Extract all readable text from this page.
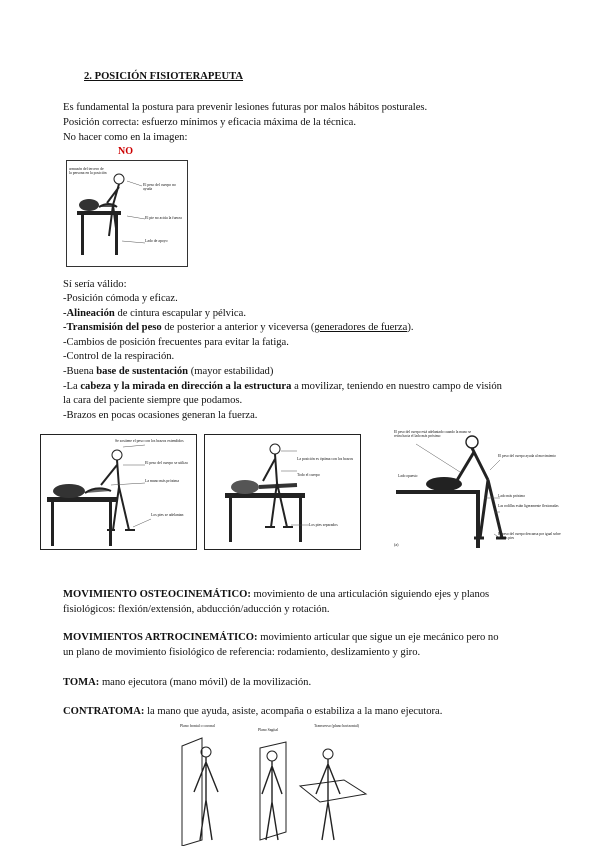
2. POSICIÓN FISIOTERAPEUTA
Es fundamental la postura para prevenir lesiones futuras por malos hábitos posturales.
Posición correcta: esfuerzo mínimos y eficacia máxima de la técnica.
No hacer como en la imagen:
NO
armazón del tercero de la persona en la posición
El peso del cuerpo no ayuda
El pie no actúa la fuerza
Lado de apoyo
Sí sería válido:
-Posición cómoda y eficaz.
-Alineación de cintura escapular y pélvica.
-Transmisión del peso de posterior a anterior y viceversa (generadores de fuerza).
-Cambios de posición frecuentes para evitar la fatiga.
-Control de la respiración.
-Buena base de sustentación (mayor estabilidad)
-La cabeza y la mirada en dirección a la estructura a movilizar, teniendo en nuestro campo de visión
la cara del paciente siempre que podamos.
-Brazos en pocas ocasiones generan la fuerza.
Se sostiene el peso con los brazos extendidos
El peso del cuerpo se utiliza
La mano más próxima
Los pies se adelantan
La posición es óptima con los brazos
Todo el cuerpo
Los pies separados
El peso del cuerpo está adelantado cuando la mano se retira hacia el lado más próximo
Lado opuesto
El peso del cuerpo ayuda al movimiento
Lado más próximo
Las rodillas están ligeramente flexionadas
El peso del cuerpo descansa por igual sobre ambos pies
(a)
MOVIMIENTO OSTEOCINEMÁTICO: movimiento de una articulación siguiendo ejes y planos
fisiológicos: flexión/extensión, abducción/aducción y rotación.
MOVIMIENTOS ARTROCINEMÁTICO: movimiento articular que sigue un eje mecánico pero no
un plano de movimiento fisiológico de referencia: rodamiento, deslizamiento y giro.
TOMA: mano ejecutora (mano móvil) de la movilización.
CONTRATOMA: la mano que ayuda, asiste, acompaña o estabiliza a la mano ejecutora.
Plano frontal o coronal
Plano Sagital
Transverso (plano horizontal)
